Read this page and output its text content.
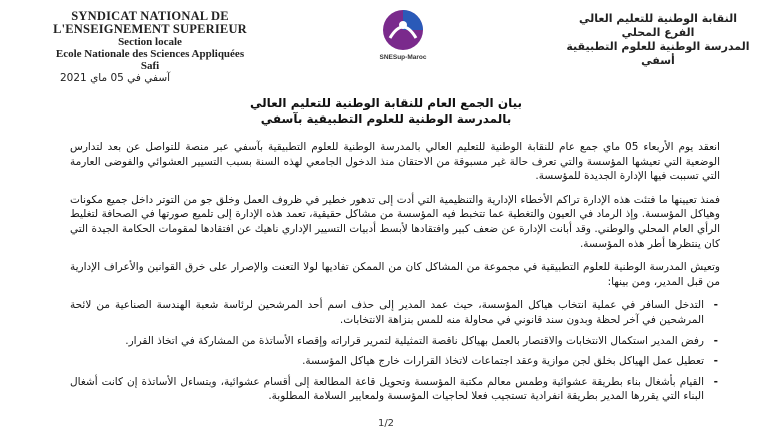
SYNDICAT NATIONAL DE
L'ENSEIGNEMENT SUPERIEUR
Section locale
Ecole Nationale des Sciences Appliquées
Safi
SNESup-Maroc
النقابة الوطنية للتعليم العالي
الفرع المحلي
المدرسة الوطنية للعلوم التطبيقية
أسفي
آسفي في 05 ماي 2021
بيان الجمع العام للنقابة الوطنية للتعليم العالي
بالمدرسة الوطنية للعلوم التطبيقية بآسفي

انعقد يوم الأربعاء 05 ماي جمع عام للنقابة الوطنية للتعليم العالي بالمدرسة الوطنية للعلوم التطبيقية بآسفي عبر منصة للتواصل عن بعد لتدارس الوضعية التي تعيشها المؤسسة والتي تعرف حالة غير مسبوقة من الاحتقان منذ الدخول الجامعي لهذه السنة بسبب التسيير العشوائي والفوضى العارمة التي تسببت فيها الإدارة الجديدة للمؤسسة.

فمنذ تعيينها ما فتئت هذه الإدارة تراكم الأخطاء الإدارية والتنظيمية التي أدت إلى تدهور خطير في ظروف العمل وخلق جو من التوتر داخل جميع مكونات وهياكل المؤسسة. وإذ الرماد في العيون والتغطية عما تتخبط فيه المؤسسة من مشاكل حقيقية، تعمد هذه الإدارة إلى تلميع صورتها في الصحافة لتغليط الرأي العام المحلي والوطني. وقد أبانت الإدارة عن ضعف كبير وافتقادها لأبسط أدبيات التسيير الإداري ناهيك عن افتقادها لمقومات الحكامة الجيدة التي كان ينتظرها أطر هذه المؤسسة.

وتعيش المدرسة الوطنية للعلوم التطبيقية في مجموعة من المشاكل كان من الممكن تفاديها لولا التعنت والإصرار على خرق القوانين والأعراف الإدارية من قبل المدير، ومن بينها:

-
التدخل السافر في عملية انتخاب هياكل المؤسسة، حيث عمد المدير إلى حذف اسم أحد المرشحين لرئاسة شعبة الهندسة الصناعية من لائحة المرشحين في آخر لحظة وبدون سند قانوني في محاولة منه للمس بنزاهة الانتخابات.
-
رفض المدير استكمال الانتخابات والاقتصار بالعمل بهياكل ناقصة التمثيلية لتمرير قراراته وإقصاء الأساتذة من المشاركة في اتخاذ القرار.
-
تعطيل عمل الهياكل بخلق لجن موازية وعقد اجتماعات لاتخاذ القرارات خارج هياكل المؤسسة.
-
القيام بأشغال بناء بطريقة عشوائية وطمس معالم مكتبة المؤسسة وتحويل قاعة المطالعة إلى أقسام عشوائية، وبتساءل الأساتذة إن كانت أشغال البناء التي يقررها المدير بطريقة انفرادية تستجيب فعلا لحاجيات المؤسسة ولمعايير السلامة المطلوبة.
1/2
